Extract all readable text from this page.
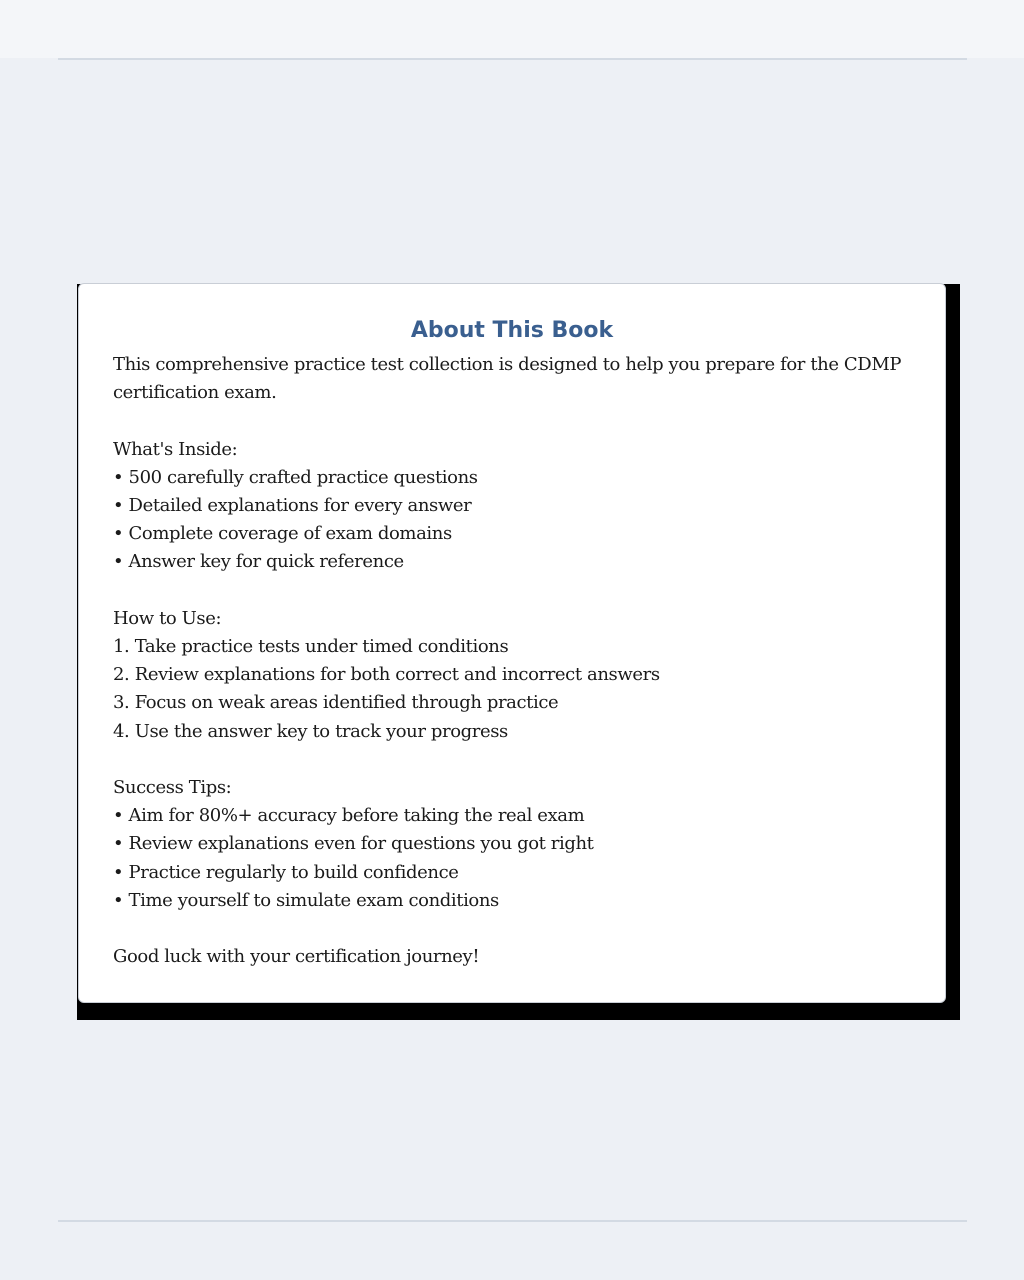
About This Book

This comprehensive practice test collection is designed to help you prepare for the CDMP certification exam.

What's Inside:

• 500 carefully crafted practice questions

• Detailed explanations for every answer

• Complete coverage of exam domains

• Answer key for quick reference

How to Use:

1. Take practice tests under timed conditions

2. Review explanations for both correct and incorrect answers

3. Focus on weak areas identified through practice

4. Use the answer key to track your progress

Success Tips:

• Aim for 80%+ accuracy before taking the real exam

• Review explanations even for questions you got right

• Practice regularly to build confidence

• Time yourself to simulate exam conditions

Good luck with your certification journey!
